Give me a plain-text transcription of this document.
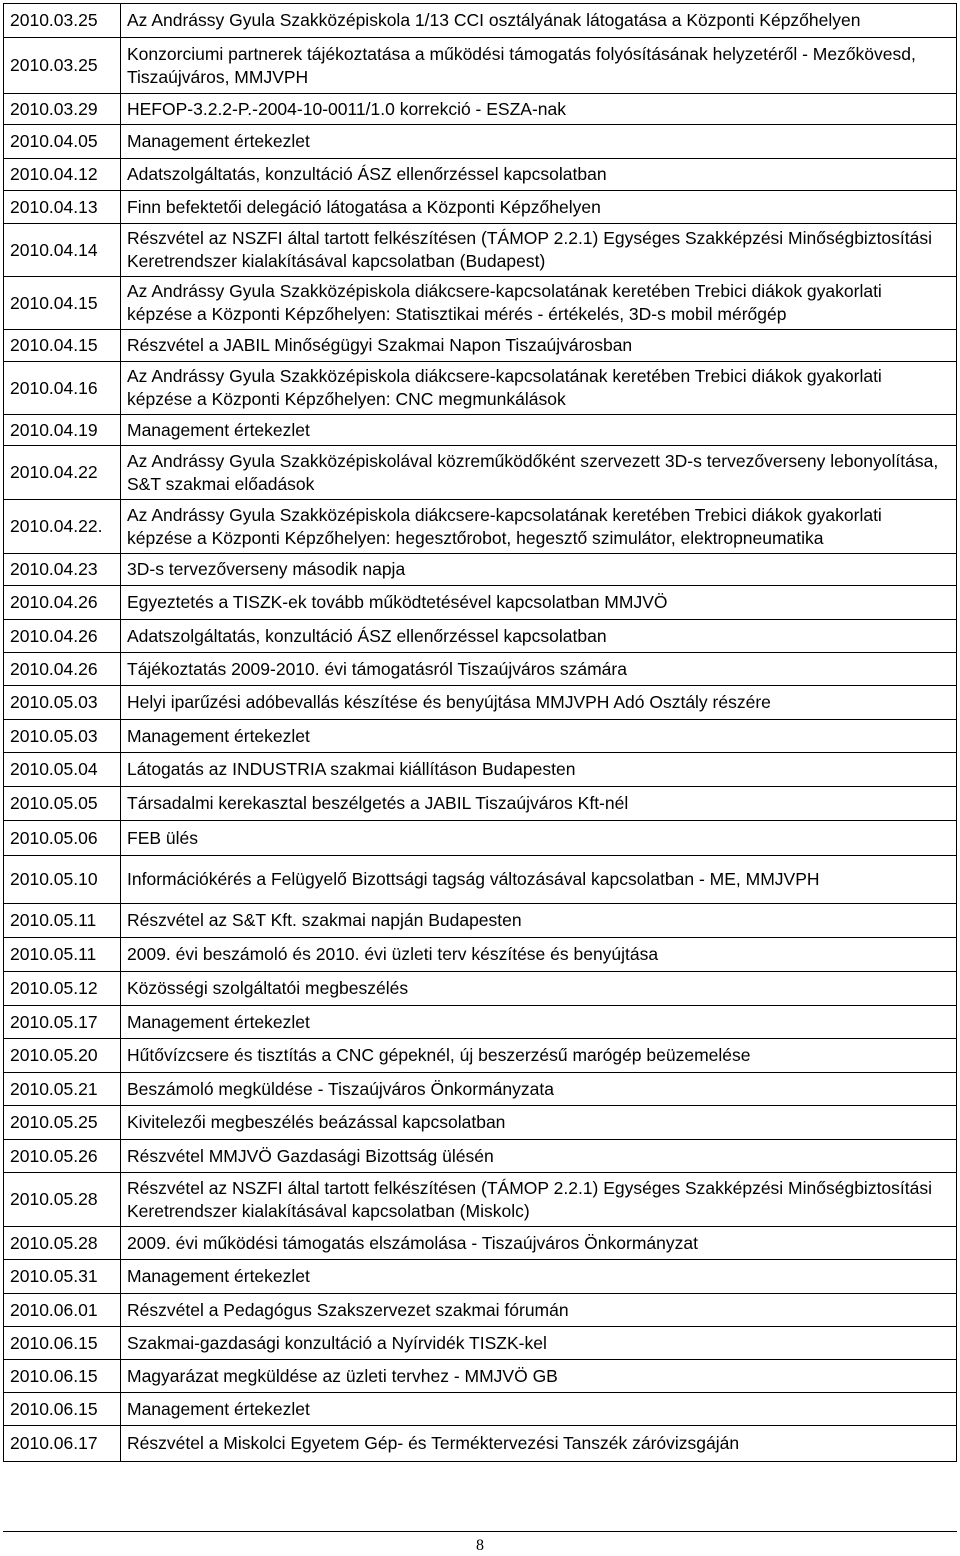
2010.03.25	Az Andrássy Gyula Szakközépiskola 1/13 CCI osztályának látogatása a Központi Képzőhelyen
2010.03.25	Konzorciumi partnerek tájékoztatása a működési támogatás folyósításának helyzetéről - Mezőkövesd, Tiszaújváros, MMJVPH
2010.03.29	HEFOP-3.2.2-P.-2004-10-0011/1.0 korrekció - ESZA-nak
2010.04.05	Management értekezlet
2010.04.12	Adatszolgáltatás, konzultáció ÁSZ ellenőrzéssel kapcsolatban
2010.04.13	Finn befektetői delegáció látogatása a Központi Képzőhelyen
2010.04.14	Részvétel az NSZFI által tartott felkészítésen (TÁMOP 2.2.1) Egységes Szakképzési Minőségbiztosítási Keretrendszer kialakításával kapcsolatban (Budapest)
2010.04.15	Az Andrássy Gyula Szakközépiskola diákcsere-kapcsolatának keretében Trebici diákok gyakorlati képzése a Központi Képzőhelyen: Statisztikai mérés - értékelés, 3D-s mobil mérőgép
2010.04.15	Részvétel a JABIL Minőségügyi Szakmai Napon Tiszaújvárosban
2010.04.16	Az Andrássy Gyula Szakközépiskola diákcsere-kapcsolatának keretében Trebici diákok gyakorlati képzése a Központi Képzőhelyen: CNC megmunkálások
2010.04.19	Management értekezlet
2010.04.22	Az Andrássy Gyula Szakközépiskolával közreműködőként szervezett 3D-s tervezőverseny lebonyolítása, S&T szakmai előadások
2010.04.22.	Az Andrássy Gyula Szakközépiskola diákcsere-kapcsolatának keretében Trebici diákok gyakorlati képzése a Központi Képzőhelyen: hegesztőrobot, hegesztő szimulátor, elektropneumatika
2010.04.23	3D-s tervezőverseny második napja
2010.04.26	Egyeztetés a TISZK-ek tovább működtetésével kapcsolatban MMJVÖ
2010.04.26	Adatszolgáltatás, konzultáció ÁSZ ellenőrzéssel kapcsolatban
2010.04.26	Tájékoztatás 2009-2010. évi támogatásról Tiszaújváros számára
2010.05.03	Helyi iparűzési adóbevallás készítése és benyújtása MMJVPH Adó Osztály részére
2010.05.03	Management értekezlet
2010.05.04	Látogatás az INDUSTRIA szakmai kiállításon Budapesten
2010.05.05	Társadalmi kerekasztal beszélgetés a JABIL Tiszaújváros Kft-nél
2010.05.06	FEB ülés
2010.05.10	Információkérés a Felügyelő Bizottsági tagság változásával kapcsolatban - ME, MMJVPH
2010.05.11	Részvétel az S&T Kft. szakmai napján Budapesten
2010.05.11	2009. évi beszámoló és 2010. évi üzleti terv készítése és benyújtása
2010.05.12	Közösségi szolgáltatói megbeszélés
2010.05.17	Management értekezlet
2010.05.20	Hűtővízcsere és tisztítás a CNC gépeknél, új beszerzésű marógép beüzemelése
2010.05.21	Beszámoló megküldése - Tiszaújváros Önkormányzata
2010.05.25	Kivitelezői megbeszélés beázással kapcsolatban
2010.05.26	Részvétel MMJVÖ Gazdasági Bizottság ülésén
2010.05.28	Részvétel az NSZFI által tartott felkészítésen (TÁMOP 2.2.1) Egységes Szakképzési Minőségbiztosítási Keretrendszer kialakításával kapcsolatban (Miskolc)
2010.05.28	2009. évi működési támogatás elszámolása - Tiszaújváros Önkormányzat
2010.05.31	Management értekezlet
2010.06.01	Részvétel a Pedagógus Szakszervezet szakmai fórumán
2010.06.15	Szakmai-gazdasági konzultáció a Nyírvidék TISZK-kel
2010.06.15	Magyarázat megküldése az üzleti tervhez - MMJVÖ GB
2010.06.15	Management értekezlet
2010.06.17	Részvétel a Miskolci Egyetem Gép- és Terméktervezési Tanszék záróvizsgáján
8
